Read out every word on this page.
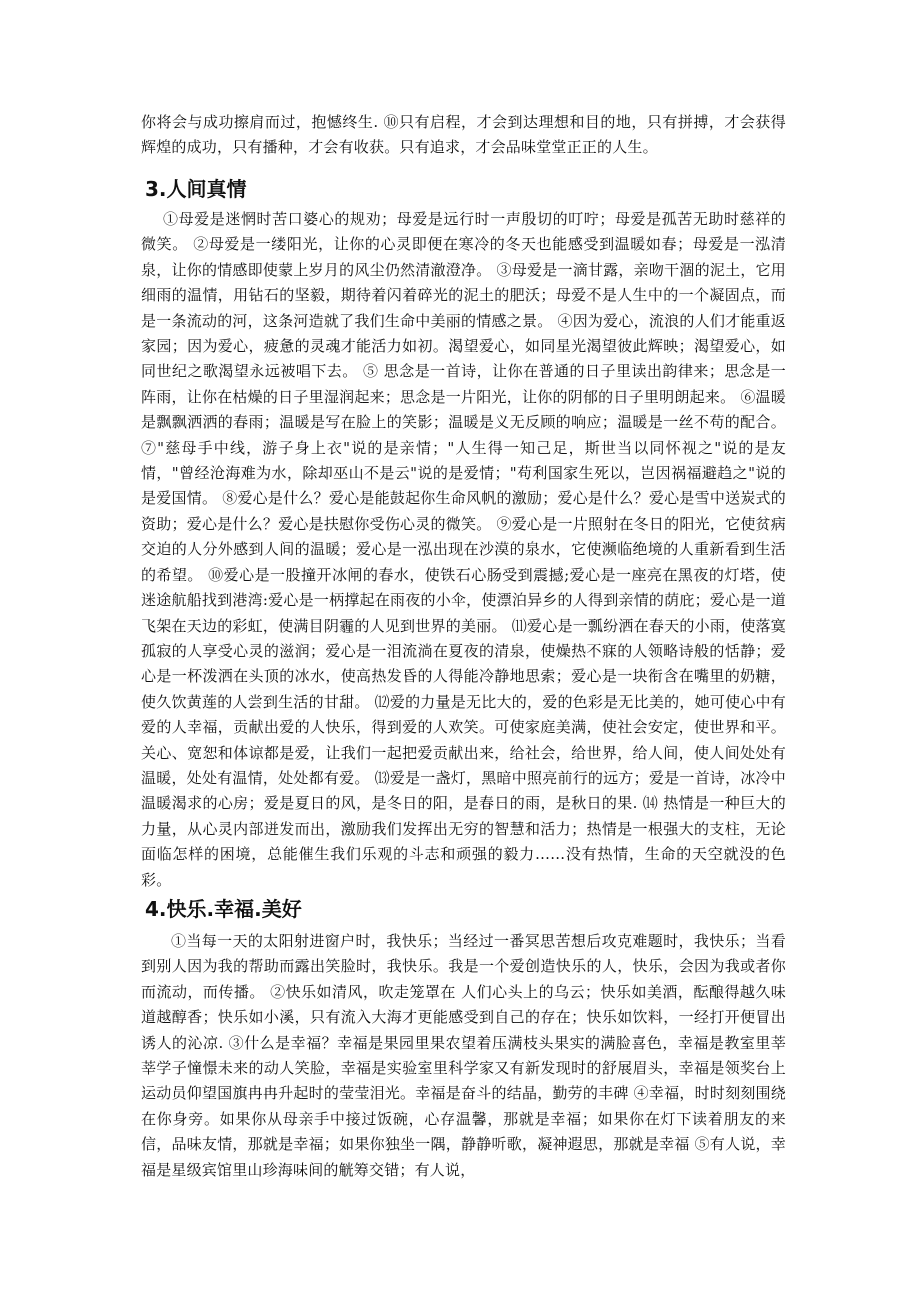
你将会与成功擦肩而过，抱憾终生. ⑩只有启程，才会到达理想和目的地，只有拼搏，才会获得辉煌的成功，只有播种，才会有收获。只有追求，才会品味堂堂正正的人生。

3.人间真情

①母爱是迷惘时苦口婆心的规劝；母爱是远行时一声殷切的叮咛；母爱是孤苦无助时慈祥的微笑。 ②母爱是一缕阳光，让你的心灵即便在寒冷的冬天也能感受到温暖如春；母爱是一泓清泉，让你的情感即使蒙上岁月的风尘仍然清澈澄净。 ③母爱是一滴甘露，亲吻干涸的泥土，它用细雨的温情，用钻石的坚毅，期待着闪着碎光的泥土的肥沃；母爱不是人生中的一个凝固点，而是一条流动的河，这条河造就了我们生命中美丽的情感之景。 ④因为爱心，流浪的人们才能重返家园；因为爱心，疲惫的灵魂才能活力如初。渴望爱心，如同星光渴望彼此辉映；渴望爱心，如同世纪之歌渴望永远被唱下去。 ⑤ 思念是一首诗，让你在普通的日子里读出韵律来；思念是一阵雨，让你在枯燥的日子里湿润起来；思念是一片阳光，让你的阴郁的日子里明朗起来。 ⑥温暖是飘飘洒洒的春雨；温暖是写在脸上的笑影；温暖是义无反顾的响应；温暖是一丝不苟的配合。 ⑦"慈母手中线，游子身上衣"说的是亲情；"人生得一知己足，斯世当以同怀视之"说的是友情，"曾经沧海难为水，除却巫山不是云"说的是爱情；"苟利国家生死以，岂因祸福避趋之"说的是爱国情。 ⑧爱心是什么？爱心是能鼓起你生命风帆的激励；爱心是什么？爱心是雪中送炭式的资助；爱心是什么？爱心是扶慰你受伤心灵的微笑。 ⑨爱心是一片照射在冬日的阳光，它使贫病交迫的人分外感到人间的温暖；爱心是一泓出现在沙漠的泉水，它使濒临绝境的人重新看到生活的希望。 ⑩爱心是一股撞开冰闸的春水，使铁石心肠受到震撼;爱心是一座亮在黑夜的灯塔，使迷途航船找到港湾:爱心是一柄撑起在雨夜的小伞，使漂泊异乡的人得到亲情的荫庇；爱心是一道飞架在天边的彩虹，使满目阴霾的人见到世界的美丽。 ⑾爱心是一瓢纷洒在春天的小雨，使落寞孤寂的人享受心灵的滋润；爱心是一泪流淌在夏夜的清泉，使燥热不寐的人领略诗般的恬静；爱心是一杯泼洒在头顶的冰水，使高热发昏的人得能冷静地思索；爱心是一块衔含在嘴里的奶糖，使久饮黄莲的人尝到生活的甘甜。 ⑿爱的力量是无比大的，爱的色彩是无比美的，她可使心中有爱的人幸福，贡献出爱的人快乐，得到爱的人欢笑。可使家庭美满，使社会安定，使世界和平。关心、宽恕和体谅都是爱，让我们一起把爱贡献出来，给社会，给世界，给人间，使人间处处有温暖，处处有温情，处处都有爱。 ⒀爱是一盏灯，黑暗中照亮前行的远方；爱是一首诗，冰冷中温暖渴求的心房；爱是夏日的风，是冬日的阳，是春日的雨，是秋日的果. ⒁ 热情是一种巨大的力量，从心灵内部迸发而出，激励我们发挥出无穷的智慧和活力；热情是一根强大的支柱，无论面临怎样的困境，总能催生我们乐观的斗志和顽强的毅力……没有热情，生命的天空就没的色彩。

4.快乐.幸福.美好

①当每一天的太阳射进窗户时，我快乐；当经过一番冥思苦想后攻克难题时，我快乐；当看到别人因为我的帮助而露出笑脸时，我快乐。我是一个爱创造快乐的人，快乐，会因为我或者你而流动，而传播。 ②快乐如清风，吹走笼罩在 人们心头上的乌云；快乐如美酒，酝酿得越久味道越醇香；快乐如小溪，只有流入大海才更能感受到自己的存在；快乐如饮料，一经打开便冒出诱人的沁凉. ③什么是幸福？幸福是果园里果农望着压满枝头果实的满脸喜色，幸福是教室里莘莘学子憧憬未来的动人笑脸，幸福是实验室里科学家又有新发现时的舒展眉头，幸福是领奖台上运动员仰望国旗冉冉升起时的莹莹泪光。幸福是奋斗的结晶，勤劳的丰碑 ④幸福，时时刻刻围绕在你身旁。如果你从母亲手中接过饭碗，心存温馨，那就是幸福；如果你在灯下读着朋友的来信，品味友情，那就是幸福；如果你独坐一隅，静静听歌，凝神遐思，那就是幸福 ⑤有人说，幸福是星级宾馆里山珍海味间的觥筹交错；有人说，
